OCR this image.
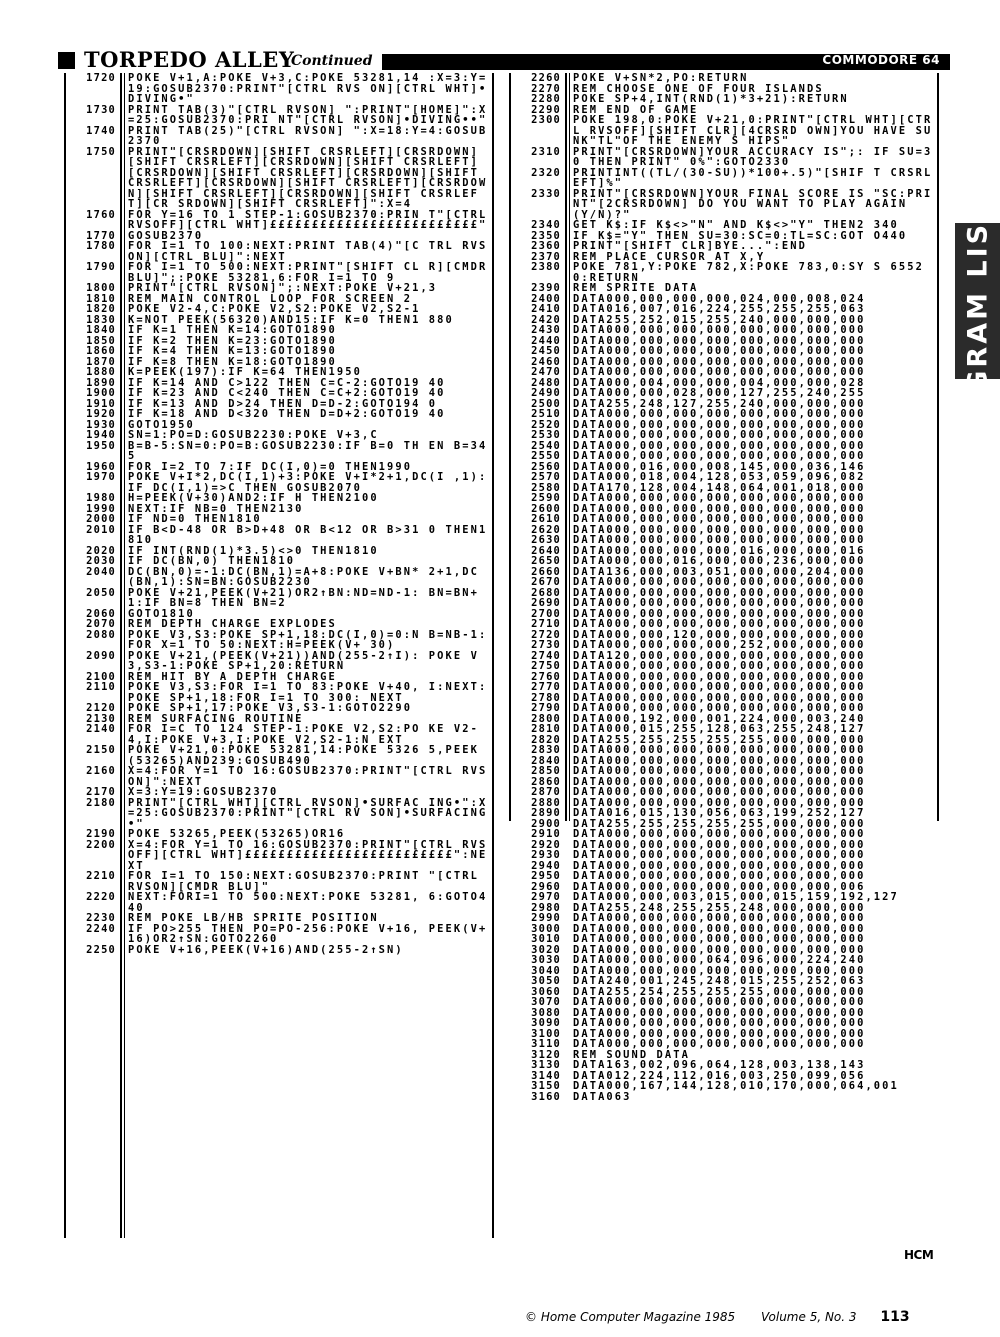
TORPEDO ALLEY
Continued	COMMODORE 64
1720	POKE V+1,A:POKE V+3,C:POKE 53281,14 :X=3:Y=19:GOSUB2370:PRINT"[CTRL RVS ON][CTRL WHT]•DIVING•"
1730	PRINT TAB(3)"[CTRL RVSON] ":PRINT"[HOME]":X=25:GOSUB2370:PRI NT"[CTRL RVSON]•DIVING••"
1740	PRINT TAB(25)"[CTRL RVSON] ":X=18:Y=4:GOSUB2370
1750	PRINT"[CRSRDOWN][SHIFT CRSRLEFT][CRSRDOWN][SHIFT CRSRLEFT][CRSRDOWN][SHIFT CRSRLEFT][CRSRDOWN][SHIFT CRSRLEFT][CRSRDOWN][SHIFT CRSRLEFT][CRSRDOWN][SHIFT CRSRLEFT][CRSRDOWN][SHIFT CRSRLEFT][CRSRDOWN][SHIFT CRSRLEFT][CR SRDOWN][SHIFT CRSRLEFT]":X=4
1760	FOR Y=16 TO 1 STEP-1:GOSUB2370:PRIN T"[CTRL RVSOFF][CTRL WHT]£££££££££££££££££££££££££"
1770	GOSUB2370
1780	FOR I=1 TO 100:NEXT:PRINT TAB(4)"[C TRL RVSON][CTRL BLU]":NEXT
1790	FOR I=1 TO 500:NEXT:PRINT"[SHIFT CL R][CMDR BLU]";:POKE 53281,6:FOR I=1 TO 9
1800	PRINT"[CTRL RVSON]";:NEXT:POKE V+21,3
1810	REM MAIN CONTROL LOOP FOR SCREEN 2
1820	POKE V2-4,C:POKE V2,S2:POKE V2,S2-1
1830	K=NOT PEEK(56320)AND15:IF K=0 THEN1 880
1840	IF K=1 THEN K=14:GOTO1890
1850	IF K=2 THEN K=23:GOTO1890
1860	IF K=4 THEN K=13:GOTO1890
1870	IF K=8 THEN K=18:GOTO1890
1880	K=PEEK(197):IF K=64 THEN1950
1890	IF K=14 AND C>122 THEN C=C-2:GOTO19 40
1900	IF K=23 AND C<240 THEN C=C+2:GOTO19 40
1910	IF K=13 AND D>24 THEN D=D-2:GOTO194 0
1920	IF K=18 AND D<320 THEN D=D+2:GOTO19 40
1930	GOTO1950
1940	SN=1:PO=D:GOSUB2230:POKE V+3,C
1950	B=B-5:SN=0:PO=B:GOSUB2230:IF B=0 TH EN B=345
1960	FOR I=2 TO 7:IF DC(I,0)=0 THEN1990
1970	POKE V+I*2,DC(I,1)+3:POKE V+I*2+1,DC(I ,1):IF DC(I,1)=>C THEN GOSUB2070
1980	H=PEEK(V+30)AND2:IF H THEN2100
1990	NEXT:IF NB=0 THEN2130
2000	IF ND=0 THEN1810
2010	IF B<D-48 OR B>D+48 OR B<12 OR B>31 0 THEN1810
2020	IF INT(RND(1)*3.5)<>0 THEN1810
2030	IF DC(BN,0) THEN1810
2040	DC(BN,0)=-1:DC(BN,1)=A+8:POKE V+BN* 2+1,DC(BN,1):SN=BN:GOSUB2230
2050	POKE V+21,PEEK(V+21)OR2↑BN:ND=ND-1: BN=BN+1:IF BN=8 THEN BN=2
2060	GOTO1810
2070	REM DEPTH CHARGE EXPLODES
2080	POKE V3,S3:POKE SP+1,18:DC(I,0)=0:N B=NB-1:FOR X=1 TO 50:NEXT:H=PEEK(V+ 30)
2090	POKE V+21,(PEEK(V+21))AND(255-2↑I): POKE V3,S3-1:POKE SP+1,20:RETURN
2100	REM HIT BY A DEPTH CHARGE
2110	POKE V3,S3:FOR I=1 TO 83:POKE V+40, I:NEXT:POKE SP+1,18:FOR I=1 TO 300: NEXT
2120	POKE SP+1,17:POKE V3,S3-1:GOTO2290
2130	REM SURFACING ROUTINE
2140	FOR I=C TO 124 STEP-1:POKE V2,S2:PO KE V2-4,I:POKE V+3,I:POKE V2,S2-1:N EXT
2150	POKE V+21,0:POKE 53281,14:POKE 5326 5,PEEK(53265)AND239:GOSUB490
2160	X=4:FOR Y=1 TO 16:GOSUB2370:PRINT"[CTRL RVSON]":NEXT
2170	X=3:Y=19:GOSUB2370
2180	PRINT"[CTRL WHT][CTRL RVSON]•SURFAC ING•":X=25:GOSUB2370:PRINT"[CTRL RV SON]•SURFACING•"
2190	POKE 53265,PEEK(53265)OR16
2200	X=4:FOR Y=1 TO 16:GOSUB2370:PRINT"[CTRL RVSOFF][CTRL WHT]£££££££££££££££££££££££££":NEXT
2210	FOR I=1 TO 150:NEXT:GOSUB2370:PRINT "[CTRL RVSON][CMDR BLU]"
2220	NEXT:FORI=1 TO 500:NEXT:POKE 53281, 6:GOTO440
2230	REM POKE LB/HB SPRITE POSITION
2240	IF PO>255 THEN PO=PO-256:POKE V+16, PEEK(V+16)OR2↑SN:GOTO2260
2250	POKE V+16,PEEK(V+16)AND(255-2↑SN)
2260	POKE V+SN*2,PO:RETURN
2270	REM CHOOSE ONE OF FOUR ISLANDS
2280	POKE SP+4,INT(RND(1)*3+21):RETURN
2290	REM END OF GAME
2300	POKE 198,0:POKE V+21,0:PRINT"[CTRL WHT][CTRL RVSOFF][SHIFT CLR][4CRSRD OWN]YOU HAVE SUNK"TL"OF THE ENEMY S HIPS"
2310	PRINT"[CRSRDOWN]YOUR ACCURACY IS";: IF SU=30 THEN PRINT" 0%":GOTO2330
2320	PRINTINT((TL/(30-SU))*100+.5)"[SHIF T CRSRLEFT]%"
2330	PRINT"[CRSRDOWN]YOUR FINAL SCORE IS "SC:PRINT"[2CRSRDOWN] DO YOU WANT TO PLAY AGAIN (Y/N)?"
2340	GET K$:IF K$<>"N" AND K$<>"Y" THEN2 340
2350	IF K$="Y" THEN SU=30:SC=0:TL=SC:GOT O440
2360	PRINT"[SHIFT CLR]BYE...":END
2370	REM PLACE CURSOR AT X,Y
2380	POKE 781,Y:POKE 782,X:POKE 783,0:SY S 65520:RETURN
2390	REM SPRITE DATA
2400	DATA000,000,000,000,024,000,008,024
2410	DATA016,007,016,224,255,255,255,063
2420	DATA255,252,015,255,240,000,000,000
2430	DATA000,000,000,000,000,000,000,000
2440	DATA000,000,000,000,000,000,000,000
2450	DATA000,000,000,000,000,000,000,000
2460	DATA000,000,000,000,000,000,000,000
2470	DATA000,000,000,000,000,000,000,000
2480	DATA000,004,000,000,004,000,000,028
2490	DATA000,000,028,000,127,255,240,255
2500	DATA255,248,127,255,240,000,000,000
2510	DATA000,000,000,000,000,000,000,000
2520	DATA000,000,000,000,000,000,000,000
2530	DATA000,000,000,000,000,000,000,000
2540	DATA000,000,000,000,000,000,000,000
2550	DATA000,000,000,000,000,000,000,000
2560	DATA000,016,000,008,145,000,036,146
2570	DATA000,018,004,128,053,059,096,082
2580	DATA170,128,004,148,064,001,018,000
2590	DATA000,000,000,000,000,000,000,000
2600	DATA000,000,000,000,000,000,000,000
2610	DATA000,000,000,000,000,000,000,000
2620	DATA000,000,000,000,000,000,000,000
2630	DATA000,000,000,000,000,000,000,000
2640	DATA000,000,000,000,016,000,000,016
2650	DATA000,000,016,000,000,236,000,000
2660	DATA136,000,003,051,000,000,204,000
2670	DATA000,000,000,000,000,000,000,000
2680	DATA000,000,000,000,000,000,000,000
2690	DATA000,000,000,000,000,000,000,000
2700	DATA000,000,000,000,000,000,000,000
2710	DATA000,000,000,000,000,000,000,000
2720	DATA000,000,120,000,000,000,000,000
2730	DATA000,000,000,000,252,000,000,000
2740	DATA120,000,000,000,000,000,000,000
2750	DATA000,000,000,000,000,000,000,000
2760	DATA000,000,000,000,000,000,000,000
2770	DATA000,000,000,000,000,000,000,000
2780	DATA000,000,000,000,000,000,000,000
2790	DATA000,000,000,000,000,000,000,000
2800	DATA000,192,000,001,224,000,003,240
2810	DATA000,015,255,128,063,255,248,127
2820	DATA255,255,255,255,255,000,000,000
2830	DATA000,000,000,000,000,000,000,000
2840	DATA000,000,000,000,000,000,000,000
2850	DATA000,000,000,000,000,000,000,000
2860	DATA000,000,000,000,000,000,000,000
2870	DATA000,000,000,000,000,000,000,000
2880	DATA000,000,000,000,000,000,000,000
2890	DATA016,015,130,056,063,199,252,127
2900	DATA255,255,255,255,255,000,000,000
2910	DATA000,000,000,000,000,000,000,000
2920	DATA000,000,000,000,000,000,000,000
2930	DATA000,000,000,000,000,000,000,000
2940	DATA000,000,000,000,000,000,000,000
2950	DATA000,000,000,000,000,000,000,000
2960	DATA000,000,000,000,000,000,000,006
2970	DATA000,000,003,015,000,015,159,192,127
2980	DATA255,248,255,255,248,000,000,000
2990	DATA000,000,000,000,000,000,000,000
3000	DATA000,000,000,000,000,000,000,000
3010	DATA000,000,000,000,000,000,000,000
3020	DATA000,000,000,000,000,000,000,000
3030	DATA000,000,000,064,096,000,224,240
3040	DATA000,000,000,000,000,000,000,000
3050	DATA240,001,245,248,015,255,252,063
3060	DATA255,254,255,255,255,000,000,000
3070	DATA000,000,000,000,000,000,000,000
3080	DATA000,000,000,000,000,000,000,000
3090	DATA000,000,000,000,000,000,000,000
3100	DATA000,000,000,000,000,000,000,000
3110	DATA000,000,000,000,000,000,000,000
3120	REM SOUND DATA
3130	DATA163,002,096,064,128,003,138,143
3140	DATA012,224,112,016,003,250,099,056
3150	DATA000,167,144,128,010,170,000,064,001
3160	DATA063
HCM
PROGRAM LISTING
© Home Computer Magazine 1985 Volume 5, No. 3 113
